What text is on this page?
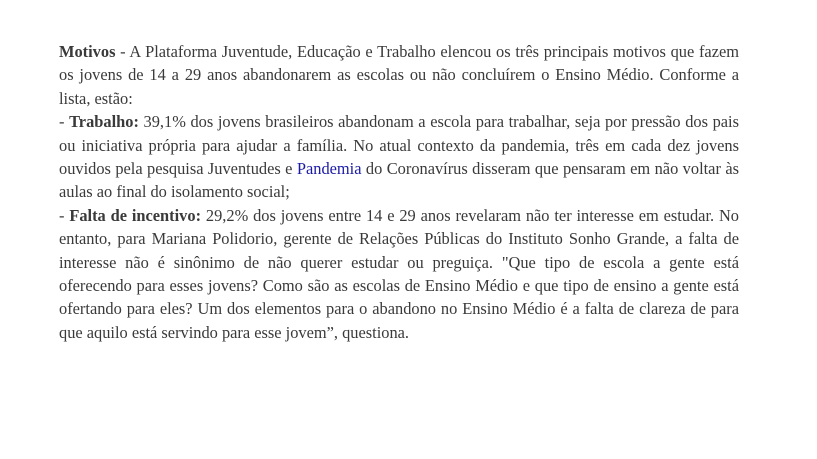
Motivos - A Plataforma Juventude, Educação e Trabalho elencou os três principais motivos que fazem os jovens de 14 a 29 anos abandonarem as escolas ou não concluírem o Ensino Médio. Conforme a lista, estão:

- Trabalho: 39,1% dos jovens brasileiros abandonam a escola para trabalhar, seja por pressão dos pais ou iniciativa própria para ajudar a família. No atual contexto da pandemia, três em cada dez jovens ouvidos pela pesquisa Juventudes e Pandemia do Coronavírus disseram que pensaram em não voltar às aulas ao final do isolamento social;

- Falta de incentivo: 29,2% dos jovens entre 14 e 29 anos revelaram não ter interesse em estudar. No entanto, para Mariana Polidorio, gerente de Relações Públicas do Instituto Sonho Grande, a falta de interesse não é sinônimo de não querer estudar ou preguiça. "Que tipo de escola a gente está oferecendo para esses jovens? Como são as escolas de Ensino Médio e que tipo de ensino a gente está ofertando para eles? Um dos elementos para o abandono no Ensino Médio é a falta de clareza de para que aquilo está servindo para esse jovem”, questiona.
